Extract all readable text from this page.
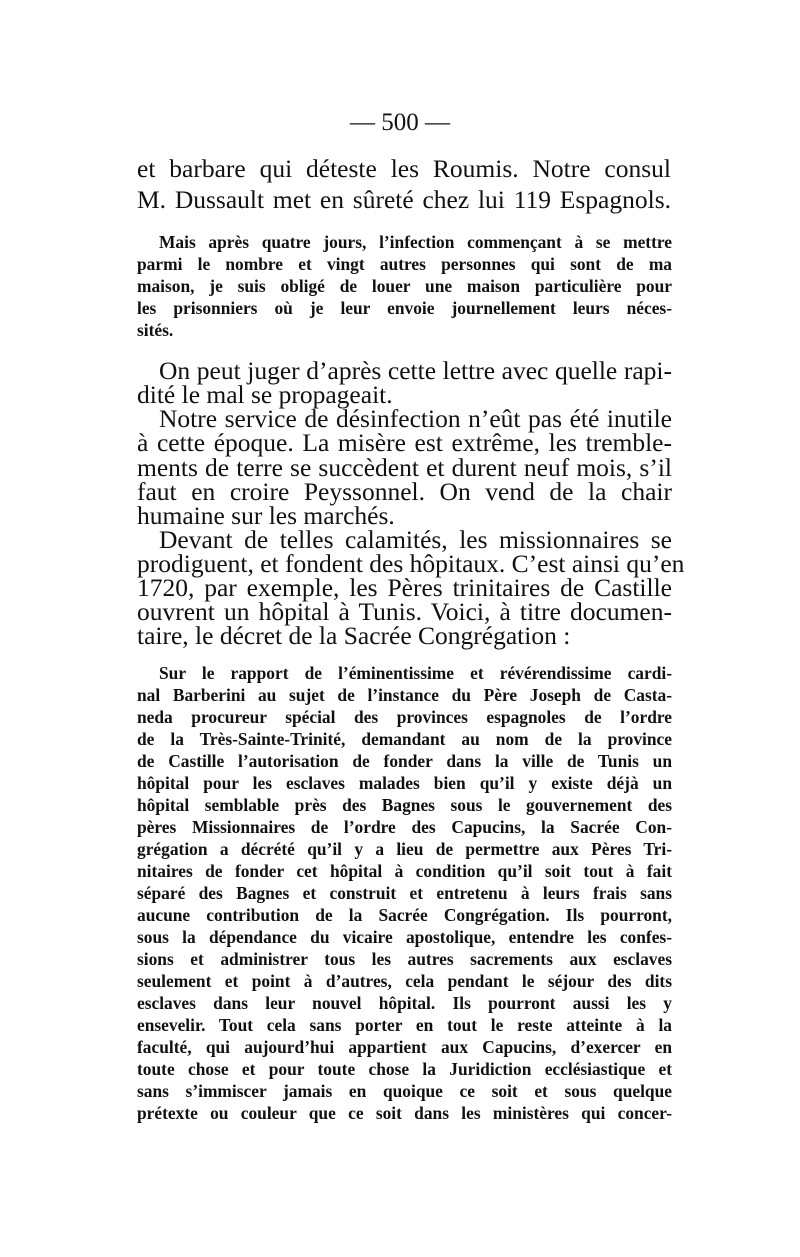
— 500 —

et barbare qui déteste les Roumis. Notre consul

M. Dussault met en sûreté chez lui 119 Espagnols.

Mais après quatre jours, l’infection commençant à se mettre

parmi le nombre et vingt autres personnes qui sont de ma

maison, je suis obligé de louer une maison particulière pour

les prisonniers où je leur envoie journellement leurs néces-

sités.

On peut juger d’après cette lettre avec quelle rapi-

dité le mal se propageait.

Notre service de désinfection n’eût pas été inutile

à cette époque. La misère est extrême, les tremble-

ments de terre se succèdent et durent neuf mois, s’il

faut en croire Peyssonnel. On vend de la chair

humaine sur les marchés.

Devant de telles calamités, les missionnaires se

prodiguent, et fondent des hôpitaux. C’est ainsi qu’en

1720, par exemple, les Pères trinitaires de Castille

ouvrent un hôpital à Tunis. Voici, à titre documen-

taire, le décret de la Sacrée Congrégation :

Sur le rapport de l’éminentissime et révérendissime cardi-

nal Barberini au sujet de l’instance du Père Joseph de Casta-

neda procureur spécial des provinces espagnoles de l’ordre

de la Très-Sainte-Trinité, demandant au nom de la province

de Castille l’autorisation de fonder dans la ville de Tunis un

hôpital pour les esclaves malades bien qu’il y existe déjà un

hôpital semblable près des Bagnes sous le gouvernement des

pères Missionnaires de l’ordre des Capucins, la Sacrée Con-

grégation a décrété qu’il y a lieu de permettre aux Pères Tri-

nitaires de fonder cet hôpital à condition qu’il soit tout à fait

séparé des Bagnes et construit et entretenu à leurs frais sans

aucune contribution de la Sacrée Congrégation. Ils pourront,

sous la dépendance du vicaire apostolique, entendre les confes-

sions et administrer tous les autres sacrements aux esclaves

seulement et point à d’autres, cela pendant le séjour des dits

esclaves dans leur nouvel hôpital. Ils pourront aussi les y

ensevelir. Tout cela sans porter en tout le reste atteinte à la

faculté, qui aujourd’hui appartient aux Capucins, d’exercer en

toute chose et pour toute chose la Juridiction ecclésiastique et

sans s’immiscer jamais en quoique ce soit et sous quelque

prétexte ou couleur que ce soit dans les ministères qui concer-
